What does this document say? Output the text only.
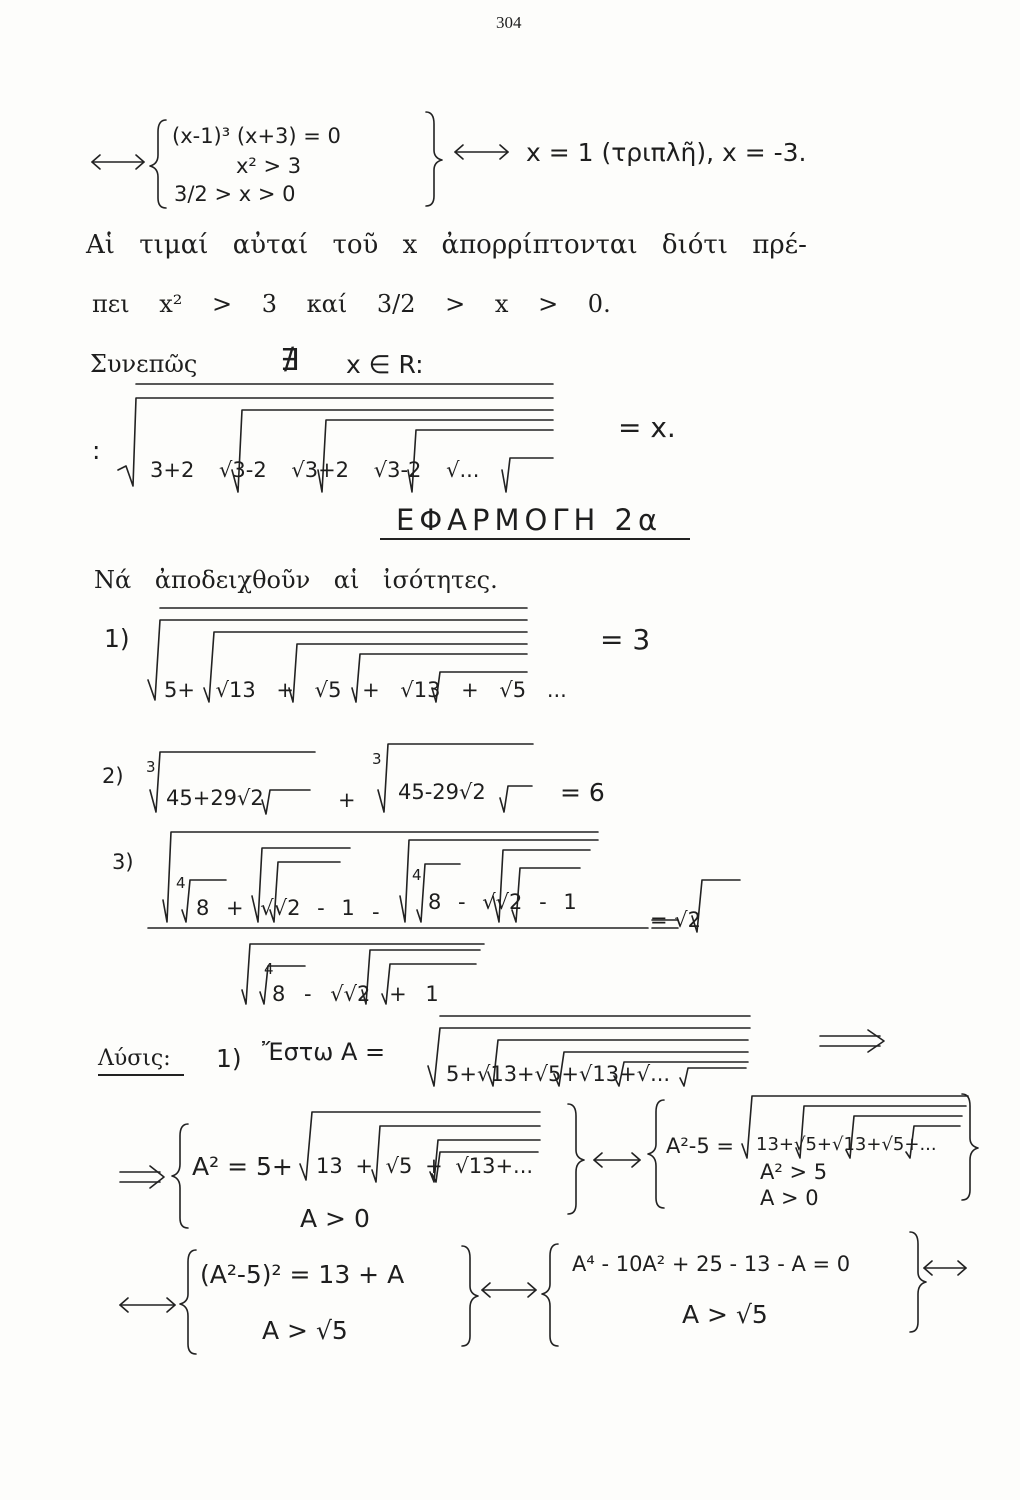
304
(x-1)³ (x+3) = 0
x² > 3
3/2 > x > 0
x = 1 (τριπλῆ), x = -3.
Αἱ τιμαί αὐταί τοῦ x ἀπορρίπτονται διότι πρέ-
πει x² > 3 καί 3/2 > x > 0.
Συνεπῶς	∄ x ∈ R:
:
3+2 √3-2 √3+2 √3-2 √...
= x.
ΕΦΑΡΜΟΓΗ 2α
Νά ἀποδειχθοῦν αἱ ἰσότητες.
1)
5+ √13 + √5 + √13 + √5 ...
= 3
2) 3
45+29√2	+
3
45-29√2	= 6
3)
4
8 + √√2 - 1 -
4
8 - √√2 - 1
4
8 - √√2 + 1
= √2
Λύσις: 1) Ἔστω A =
5+√13+√5+√13+√...
A² = 5+ 13 + √5 + √13+...
A > 0
A²-5 = 13+√5+√13+√5+...
A² > 5
A > 0
(A²-5)² = 13 + A
A > √5
A⁴ - 10A² + 25 - 13 - A = 0
A > √5
